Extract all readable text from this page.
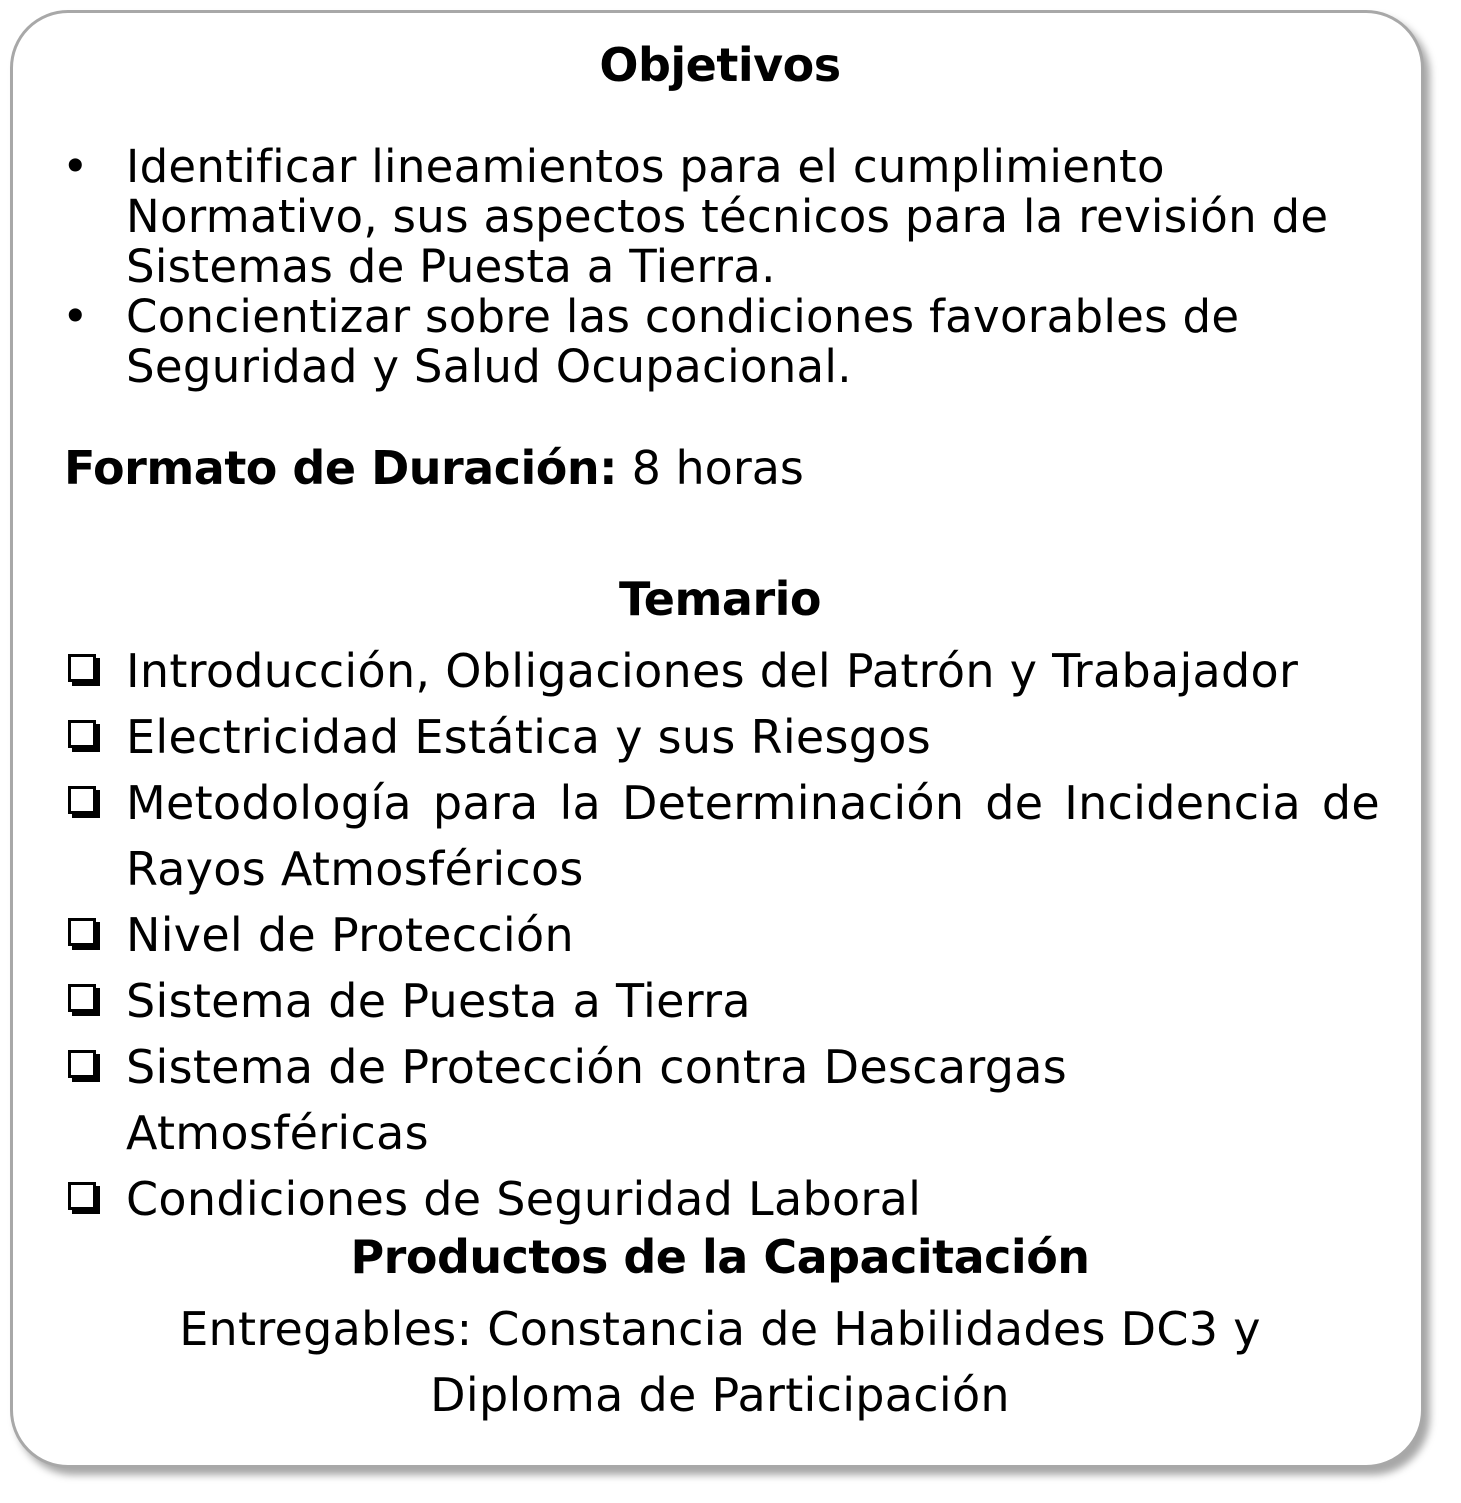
Objetivos
• Identificar lineamientos para el cumplimiento Normativo, sus aspectos técnicos para la revisión de Sistemas de Puesta a Tierra.
• Concientizar sobre las condiciones favorables de Seguridad y Salud Ocupacional.
Formato de Duración: 8 horas
Temario
Introducción, Obligaciones del Patrón y Trabajador
Electricidad Estática y sus Riesgos
Metodología para la Determinación de Incidencia de Rayos Atmosféricos
Nivel de Protección
Sistema de Puesta a Tierra
Sistema de Protección contra Descargas Atmosféricas
Condiciones de Seguridad Laboral
Productos de la Capacitación
Entregables: Constancia de Habilidades DC3 y
Diploma de Participación
